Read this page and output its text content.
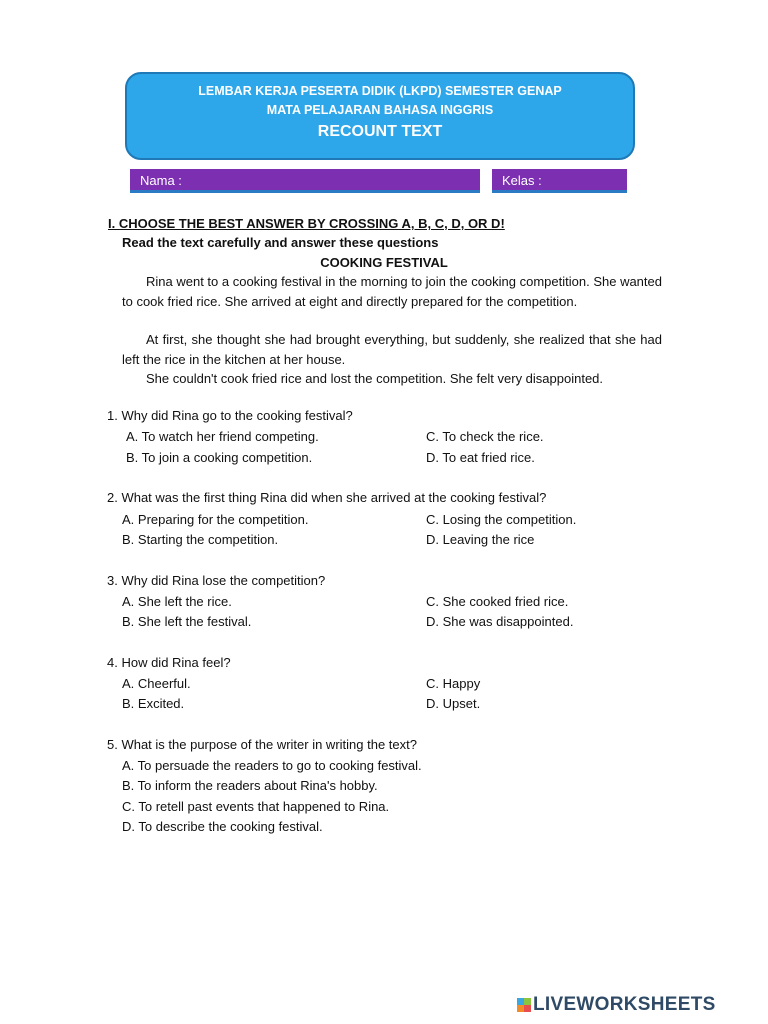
LEMBAR KERJA PESERTA DIDIK (LKPD) SEMESTER GENAP
MATA PELAJARAN BAHASA INGGRIS
RECOUNT TEXT
Nama :	Kelas :
I. CHOOSE THE BEST ANSWER BY CROSSING A, B, C, D, OR D!
Read the text carefully and answer these questions
COOKING FESTIVAL
Rina went to a cooking festival in the morning to join the cooking competition. She wanted to cook fried rice. She arrived at eight and directly prepared for the competition.
At first, she thought she had brought everything, but suddenly, she realized that she had left the rice in the kitchen at her house.
She couldn't cook fried rice and lost the competition. She felt very disappointed.
1. Why did Rina go to the cooking festival?
A. To watch her friend competing.
B. To join a cooking competition.
C. To check the rice.
D. To eat fried rice.
2. What was the first thing Rina did when she arrived at the cooking festival?
A. Preparing for the competition.
B. Starting the competition.
C. Losing the competition.
D. Leaving the rice
3. Why did Rina lose the competition?
A. She left the rice.
B. She left the festival.
C. She cooked fried rice.
D. She was disappointed.
4. How did Rina feel?
A. Cheerful.
B. Excited.
C. Happy
D. Upset.
5. What is the purpose of the writer in writing the text?
A. To persuade the readers to go to cooking festival.
B. To inform the readers about Rina's hobby.
C. To retell past events that happened to Rina.
D. To describe the cooking festival.
LIVEWORKSHEETS
